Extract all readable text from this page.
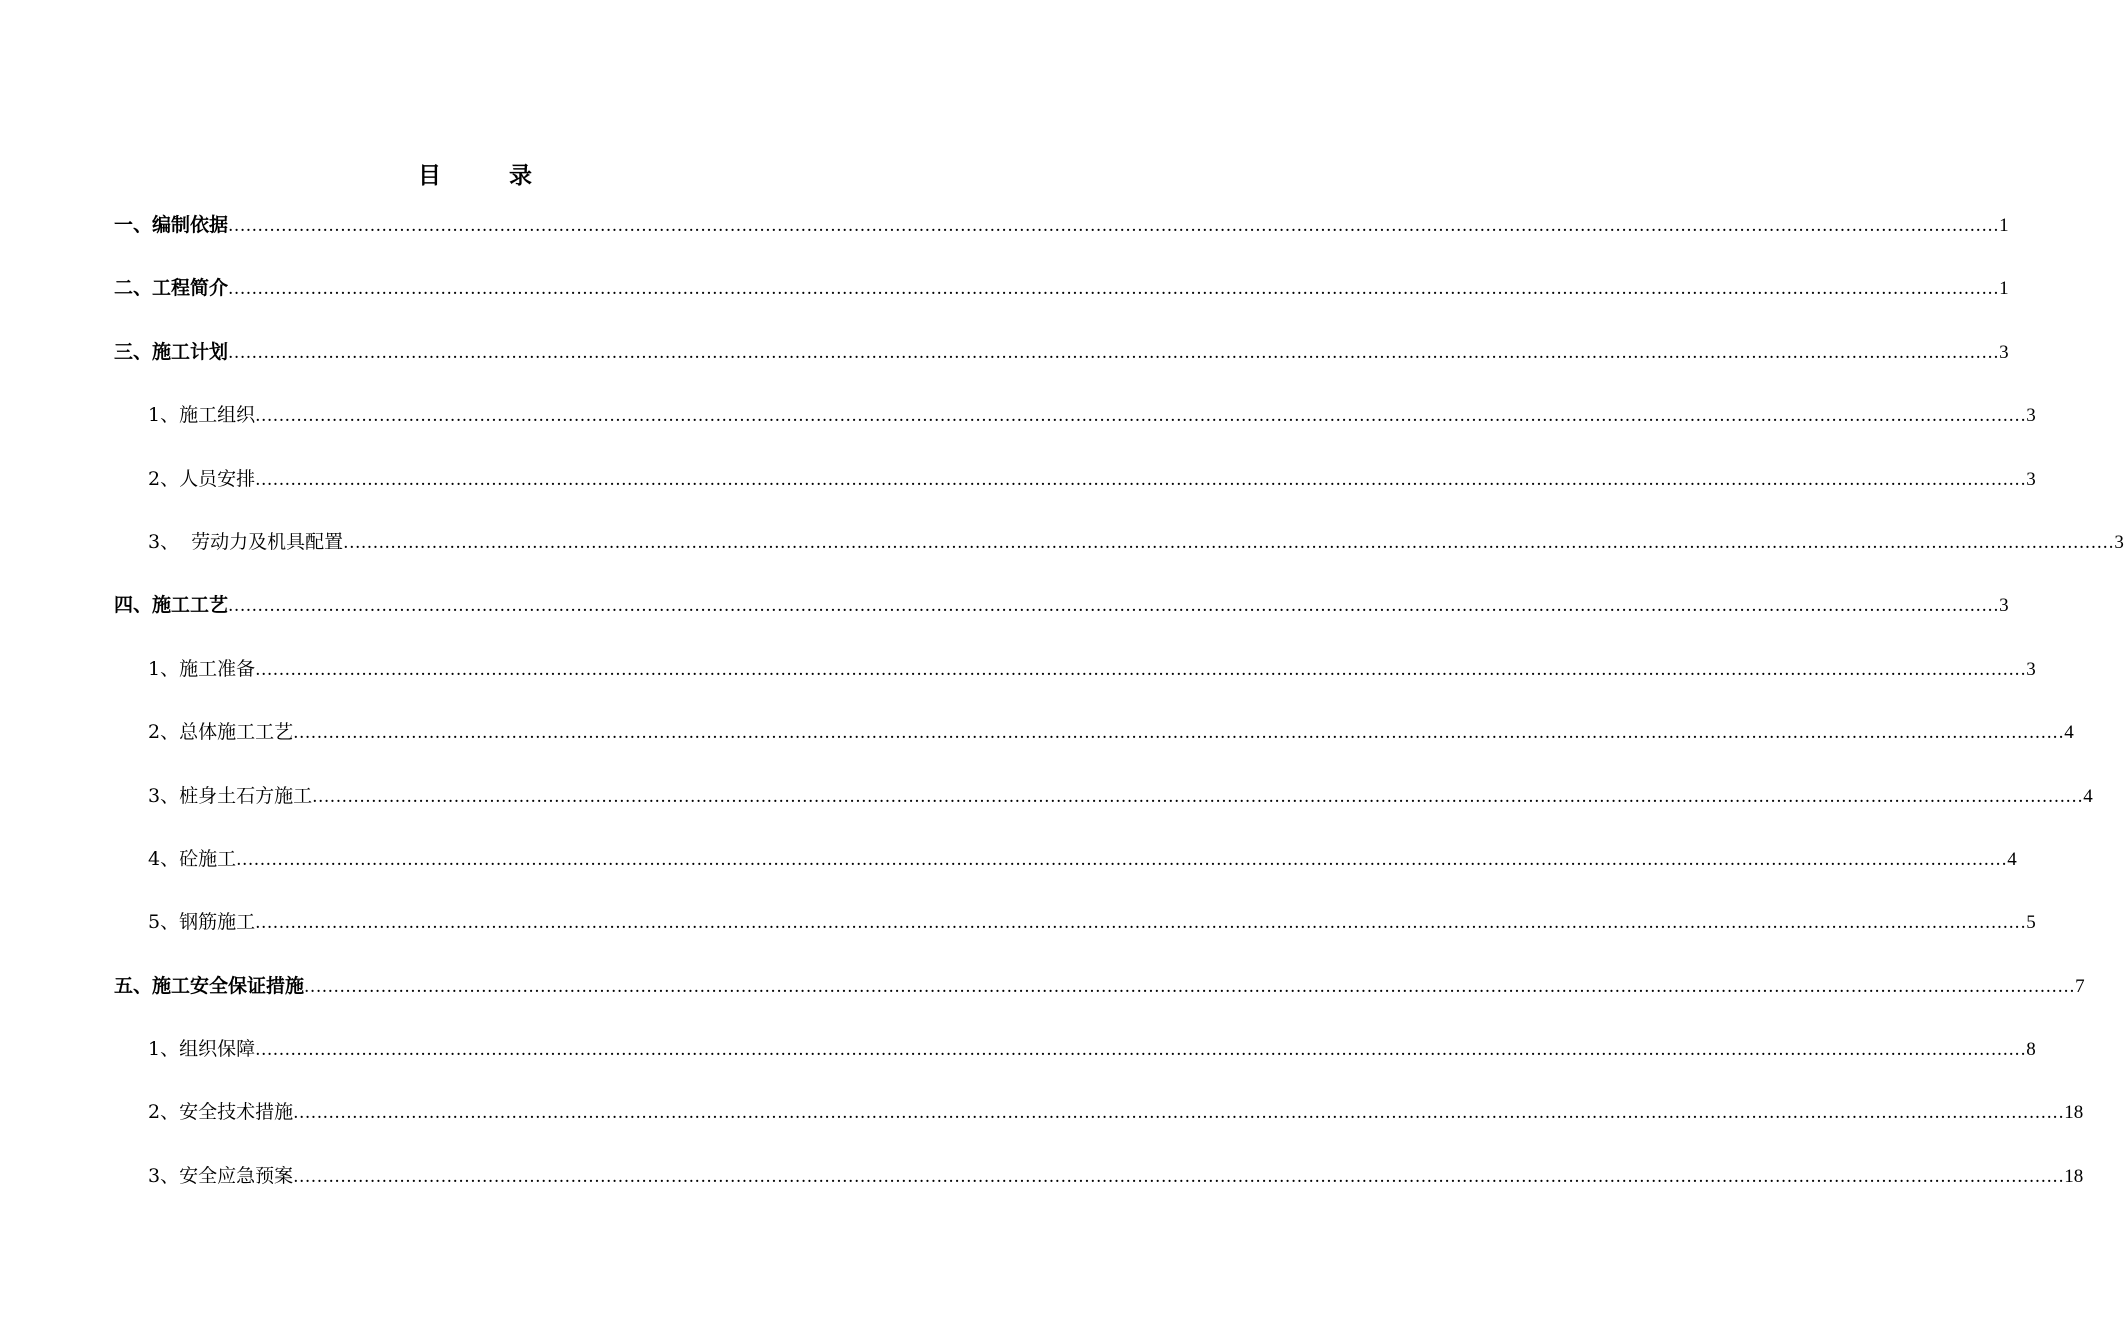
目 录
一、编制依据 ............................................................................................................................................................................................................................................................................................................ 1
二、工程简介 ............................................................................................................................................................................................................................................................................................................ 1
三、施工计划 ............................................................................................................................................................................................................................................................................................................ 3
1、施工组织 ............................................................................................................................................................................................................................................................................................................ 3
2、人员安排 ............................................................................................................................................................................................................................................................................................................ 3
3、  劳动力及机具配置 ............................................................................................................................................................................................................................................................................................................ 3
四、施工工艺 ............................................................................................................................................................................................................................................................................................................ 3
1、施工准备 ............................................................................................................................................................................................................................................................................................................ 3
2、总体施工工艺 ............................................................................................................................................................................................................................................................................................................ 4
3、桩身土石方施工 ............................................................................................................................................................................................................................................................................................................ 4
4、砼施工 ............................................................................................................................................................................................................................................................................................................ 4
5、钢筋施工 ............................................................................................................................................................................................................................................................................................................ 5
五、施工安全保证措施 ............................................................................................................................................................................................................................................................................................................ 7
1、组织保障 ............................................................................................................................................................................................................................................................................................................ 8
2、安全技术措施 ............................................................................................................................................................................................................................................................................................................ 18
3、安全应急预案 ............................................................................................................................................................................................................................................................................................................ 18
